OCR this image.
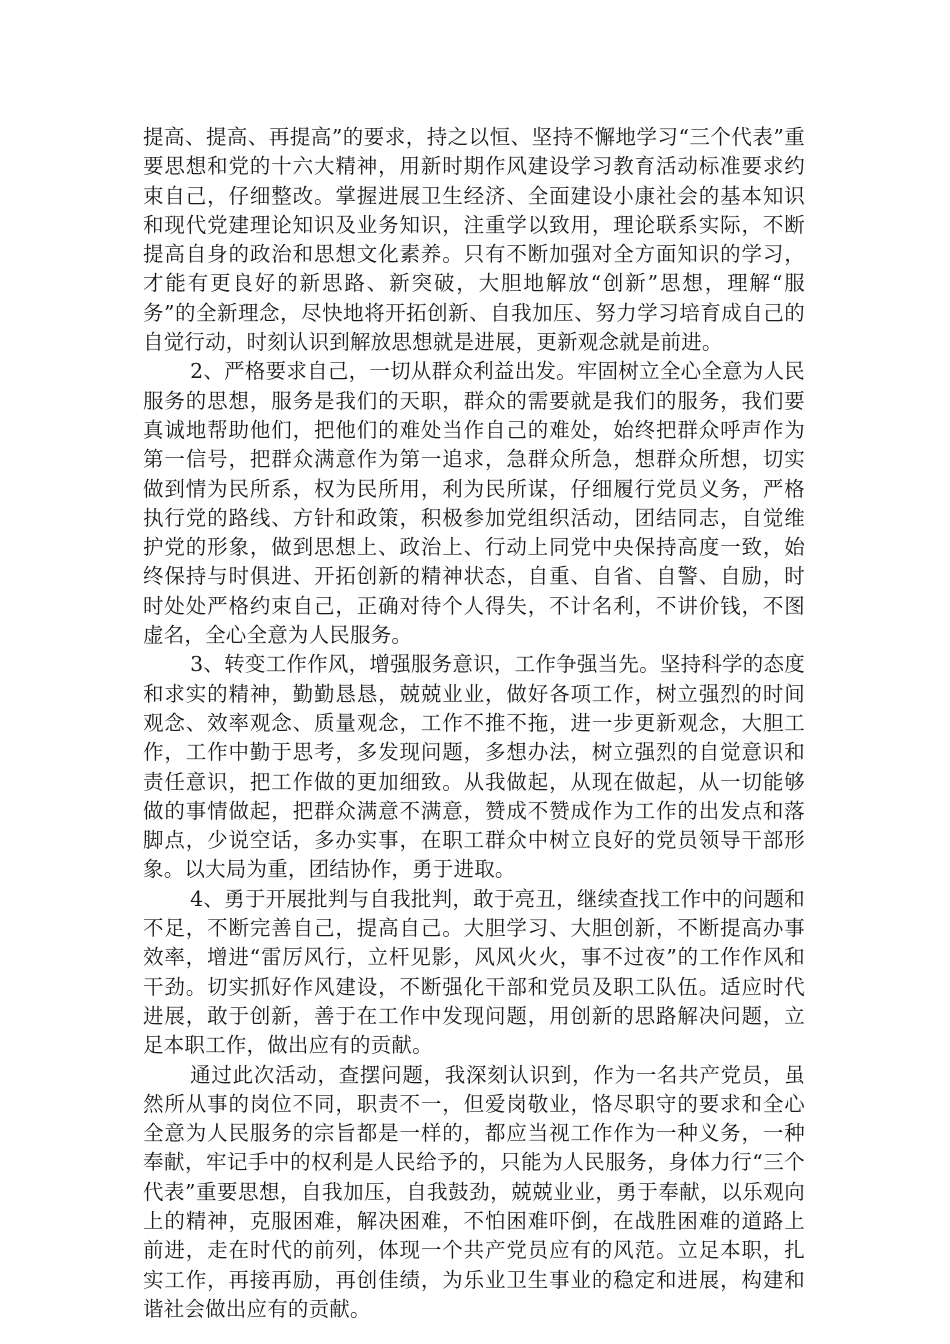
提高、提高、再提高”的要求，持之以恒、坚持不懈地学习“三个代表”重要思想和党的十六大精神，用新时期作风建设学习教育活动标准要求约束自己，仔细整改。掌握进展卫生经济、全面建设小康社会的基本知识和现代党建理论知识及业务知识，注重学以致用，理论联系实际，不断提高自身的政治和思想文化素养。只有不断加强对全方面知识的学习，才能有更良好的新思路、新突破，大胆地解放“创新”思想，理解“服务”的全新理念，尽快地将开拓创新、自我加压、努力学习培育成自己的自觉行动，时刻认识到解放思想就是进展，更新观念就是前进。

2、严格要求自己，一切从群众利益出发。牢固树立全心全意为人民服务的思想，服务是我们的天职，群众的需要就是我们的服务，我们要真诚地帮助他们，把他们的难处当作自己的难处，始终把群众呼声作为第一信号，把群众满意作为第一追求，急群众所急，想群众所想，切实做到情为民所系，权为民所用，利为民所谋，仔细履行党员义务，严格执行党的路线、方针和政策，积极参加党组织活动，团结同志，自觉维护党的形象，做到思想上、政治上、行动上同党中央保持高度一致，始终保持与时俱进、开拓创新的精神状态，自重、自省、自警、自励，时时处处严格约束自己，正确对待个人得失，不计名利，不讲价钱，不图虚名，全心全意为人民服务。

3、转变工作作风，增强服务意识，工作争强当先。坚持科学的态度和求实的精神，勤勤恳恳，兢兢业业，做好各项工作，树立强烈的时间观念、效率观念、质量观念，工作不推不拖，进一步更新观念，大胆工作，工作中勤于思考，多发现问题，多想办法，树立强烈的自觉意识和责任意识，把工作做的更加细致。从我做起，从现在做起，从一切能够做的事情做起，把群众满意不满意，赞成不赞成作为工作的出发点和落脚点，少说空话，多办实事，在职工群众中树立良好的党员领导干部形象。以大局为重，团结协作，勇于进取。

4、勇于开展批判与自我批判，敢于亮丑，继续查找工作中的问题和不足，不断完善自己，提高自己。大胆学习、大胆创新，不断提高办事效率，增进“雷厉风行，立杆见影，风风火火，事不过夜”的工作作风和干劲。切实抓好作风建设，不断强化干部和党员及职工队伍。适应时代进展，敢于创新，善于在工作中发现问题，用创新的思路解决问题，立足本职工作，做出应有的贡献。

通过此次活动，查摆问题，我深刻认识到，作为一名共产党员，虽然所从事的岗位不同，职责不一，但爱岗敬业，恪尽职守的要求和全心全意为人民服务的宗旨都是一样的，都应当视工作作为一种义务，一种奉献，牢记手中的权利是人民给予的，只能为人民服务，身体力行“三个代表”重要思想，自我加压，自我鼓劲，兢兢业业，勇于奉献，以乐观向上的精神，克服困难，解决困难，不怕困难吓倒，在战胜困难的道路上前进，走在时代的前列，体现一个共产党员应有的风范。立足本职，扎实工作，再接再励，再创佳绩，为乐业卫生事业的稳定和进展，构建和谐社会做出应有的贡献。
